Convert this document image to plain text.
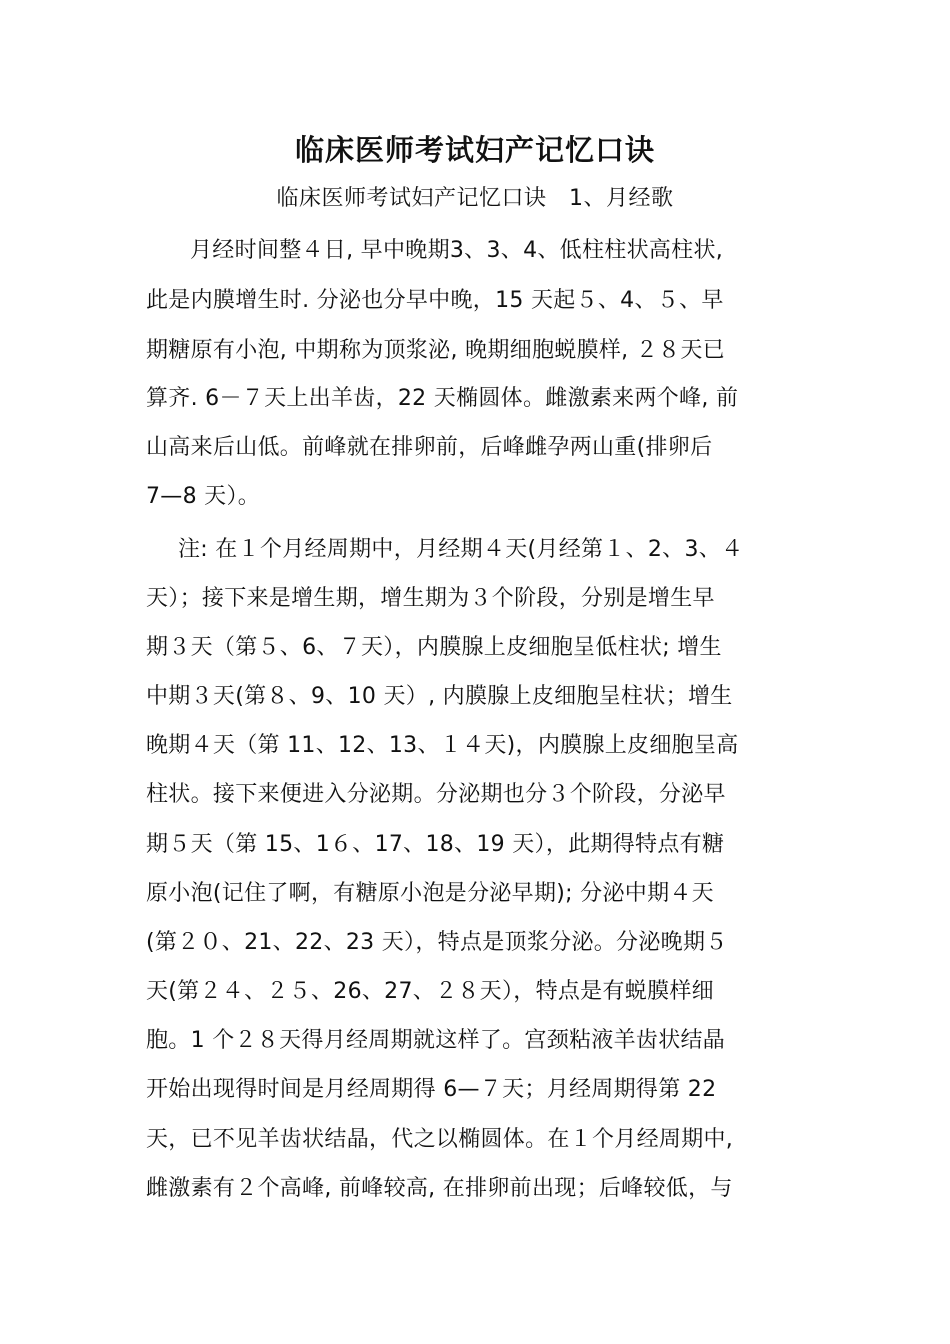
临床医师考试妇产记忆口诀
临床医师考试妇产记忆口诀　1、月经歌
月经时间整４日, 早中晚期3、3、4、低柱柱状高柱状,
此是内膜增生时. 分泌也分早中晚，15 天起５、4、５、早
期糖原有小泡, 中期称为顶浆泌, 晚期细胞蜕膜样, ２８天已
算齐. 6－７天上出羊齿，22 天椭圆体。雌激素来两个峰, 前
山高来后山低。前峰就在排卵前，后峰雌孕两山重(排卵后
7—8 天）。
注: 在１个月经周期中，月经期４天(月经第１、2、3、４
天）；接下来是增生期，增生期为３个阶段，分别是增生早
期３天（第５、6、７天），内膜腺上皮细胞呈低柱状; 增生
中期３天(第８、9、10 天）, 内膜腺上皮细胞呈柱状；增生
晚期４天（第 11、12、13、１４天)，内膜腺上皮细胞呈高
柱状。接下来便进入分泌期。分泌期也分３个阶段，分泌早
期５天（第 15、1６、17、18、19 天），此期得特点有糖
原小泡(记住了啊，有糖原小泡是分泌早期); 分泌中期４天
(第２０、21、22、23 天），特点是顶浆分泌。分泌晚期５
天(第２４、２５、26、27、２８天），特点是有蜕膜样细
胞。1 个２８天得月经周期就这样了。宫颈粘液羊齿状结晶
开始出现得时间是月经周期得 6—７天；月经周期得第 22
天，已不见羊齿状结晶，代之以椭圆体。在１个月经周期中,
雌激素有２个高峰, 前峰较高, 在排卵前出现；后峰较低，与
